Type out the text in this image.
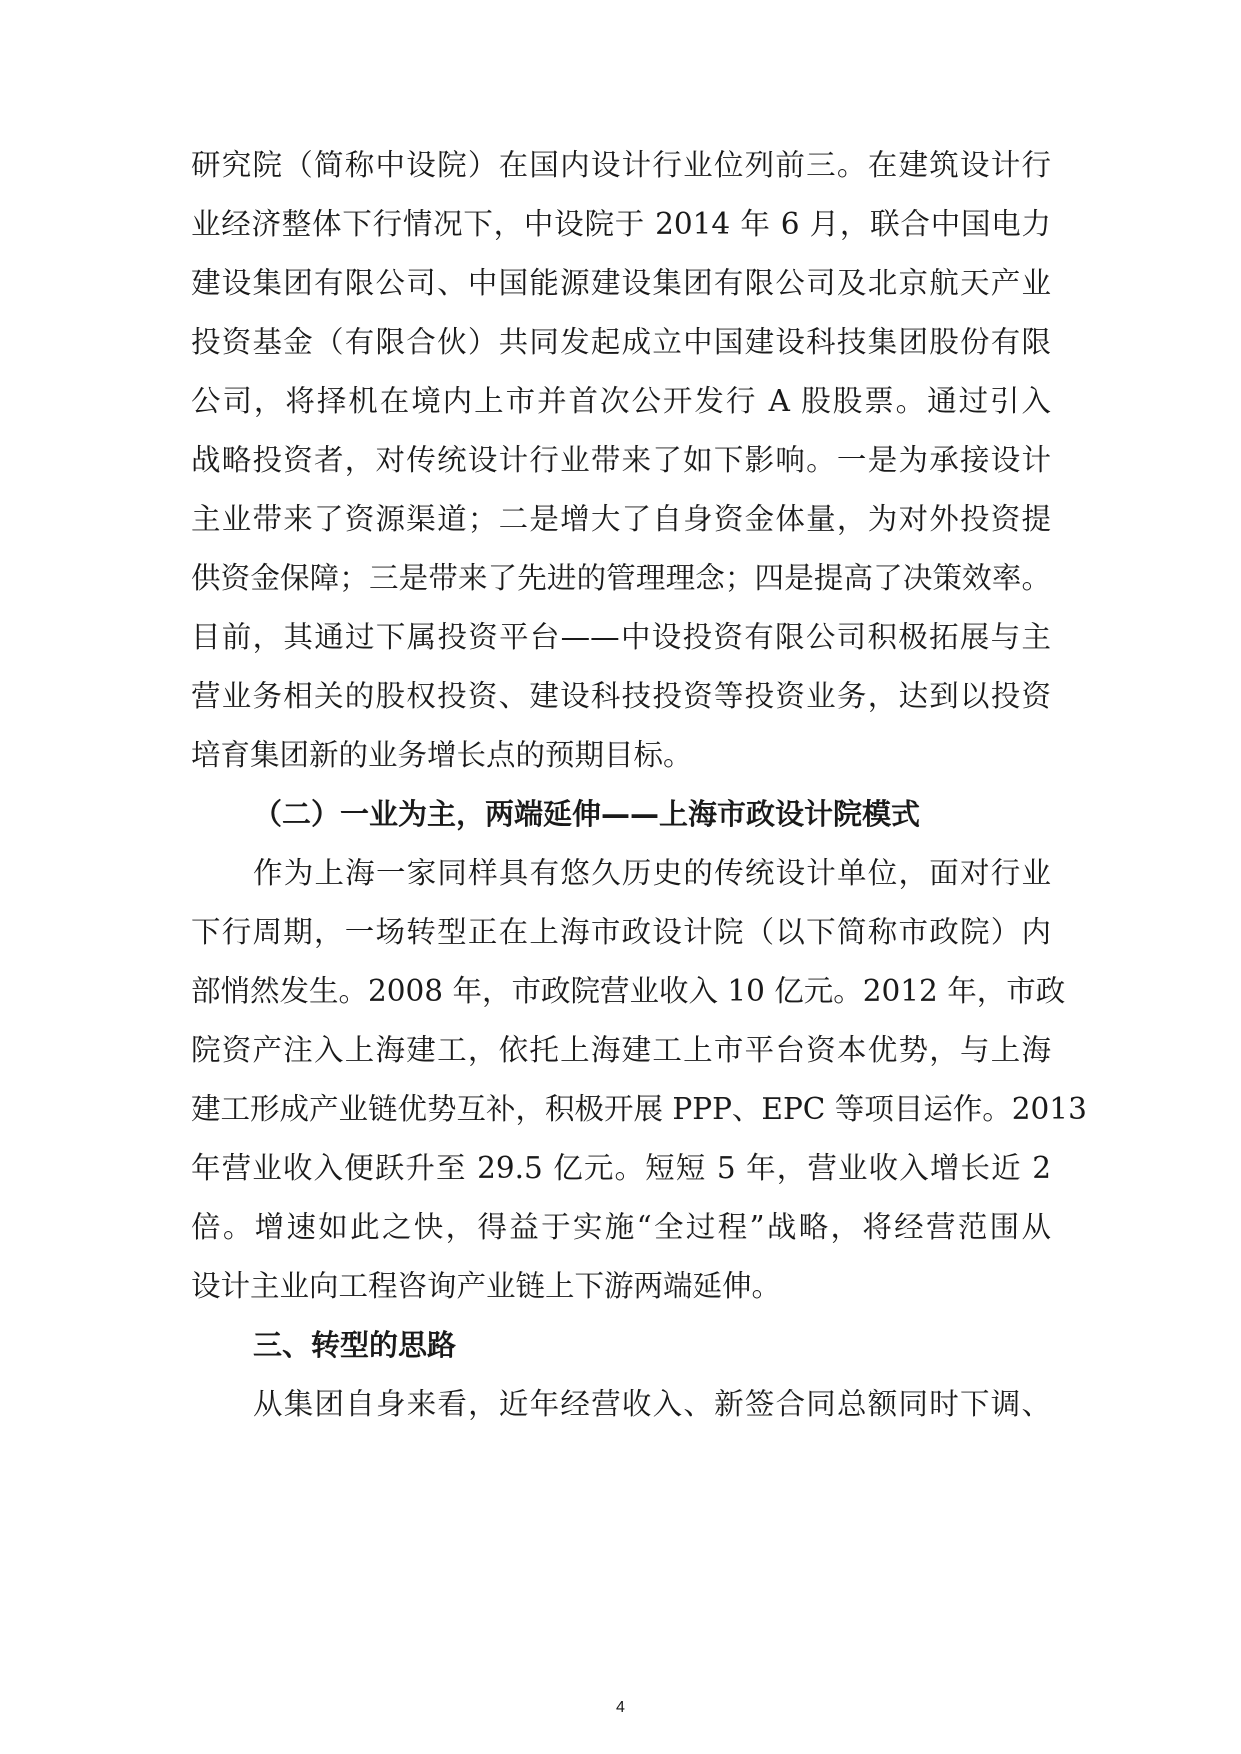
研究院（简称中设院）在国内设计行业位列前三。在建筑设计行
业经济整体下行情况下，中设院于 2014 年 6 月，联合中国电力
建设集团有限公司、中国能源建设集团有限公司及北京航天产业
投资基金（有限合伙）共同发起成立中国建设科技集团股份有限
公司，将择机在境内上市并首次公开发行 A 股股票。通过引入
战略投资者，对传统设计行业带来了如下影响。一是为承接设计
主业带来了资源渠道；二是增大了自身资金体量，为对外投资提
供资金保障；三是带来了先进的管理理念；四是提高了决策效率。
目前，其通过下属投资平台——中设投资有限公司积极拓展与主
营业务相关的股权投资、建设科技投资等投资业务，达到以投资
培育集团新的业务增长点的预期目标。
（二）一业为主，两端延伸——上海市政设计院模式
作为上海一家同样具有悠久历史的传统设计单位，面对行业
下行周期，一场转型正在上海市政设计院（以下简称市政院）内
部悄然发生。2008 年，市政院营业收入 10 亿元。2012 年，市政
院资产注入上海建工，依托上海建工上市平台资本优势，与上海
建工形成产业链优势互补，积极开展 PPP、EPC 等项目运作。2013
年营业收入便跃升至 29.5 亿元。短短 5 年，营业收入增长近 2
倍。增速如此之快，得益于实施“全过程”战略，将经营范围从
设计主业向工程咨询产业链上下游两端延伸。
三、转型的思路
从集团自身来看，近年经营收入、新签合同总额同时下调、
4
